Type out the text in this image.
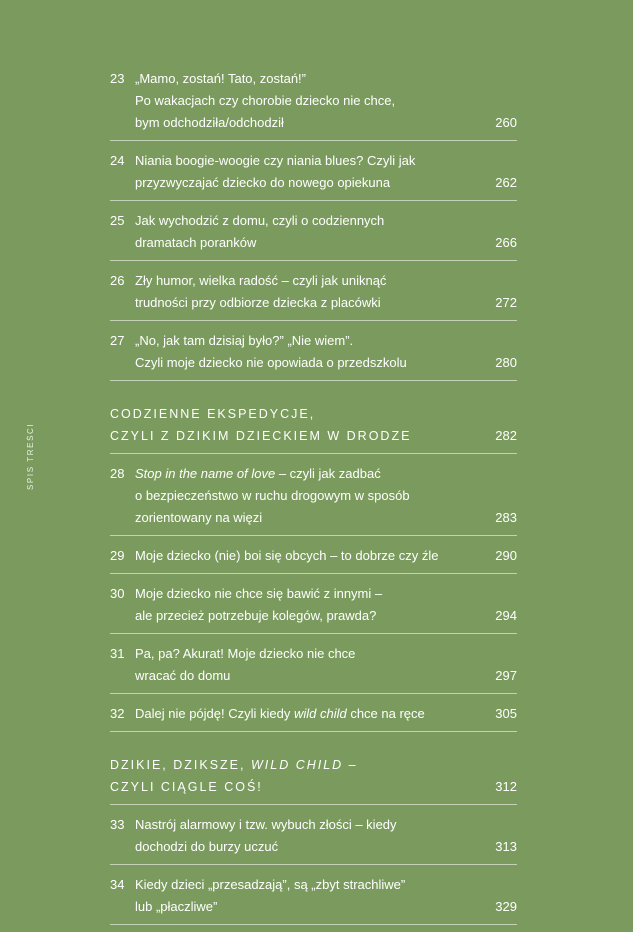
SPIS TREŚCI
23 „Mamo, zostań! Tato, zostań!”
Po wakacjach czy chorobie dziecko nie chce,
bym odchodziła/odchodził	260
24 Niania boogie-woogie czy niania blues? Czyli jak
przyzwyczajać dziecko do nowego opiekuna	262
25 Jak wychodzić z domu, czyli o codziennych
dramatach poranków	266
26 Zły humor, wielka radość – czyli jak uniknąć
trudności przy odbiorze dziecka z placówki	272
27 „No, jak tam dzisiaj było?” „Nie wiem”.
Czyli moje dziecko nie opowiada o przedszkolu	280
CODZIENNE EKSPEDYCJE,
CZYLI Z DZIKIM DZIECKIEM W DRODZE	282
28 Stop in the name of love – czyli jak zadbać
o bezpieczeństwo w ruchu drogowym w sposób
zorientowany na więzi	283
29 Moje dziecko (nie) boi się obcych – to dobrze czy źle	290
30 Moje dziecko nie chce się bawić z innymi –
ale przecież potrzebuje kolegów, prawda?	294
31 Pa, pa? Akurat! Moje dziecko nie chce
wracać do domu	297
32 Dalej nie pójdę! Czyli kiedy wild child chce na ręce	305
DZIKIE, DZIKSZE, WILD CHILD –
CZYLI CIĄGLE COŚ!	312
33 Nastrój alarmowy i tzw. wybuch złości – kiedy
dochodzi do burzy uczuć	313
34 Kiedy dzieci „przesadzają”, są „zbyt strachliwe”
lub „płaczliwe”	329
